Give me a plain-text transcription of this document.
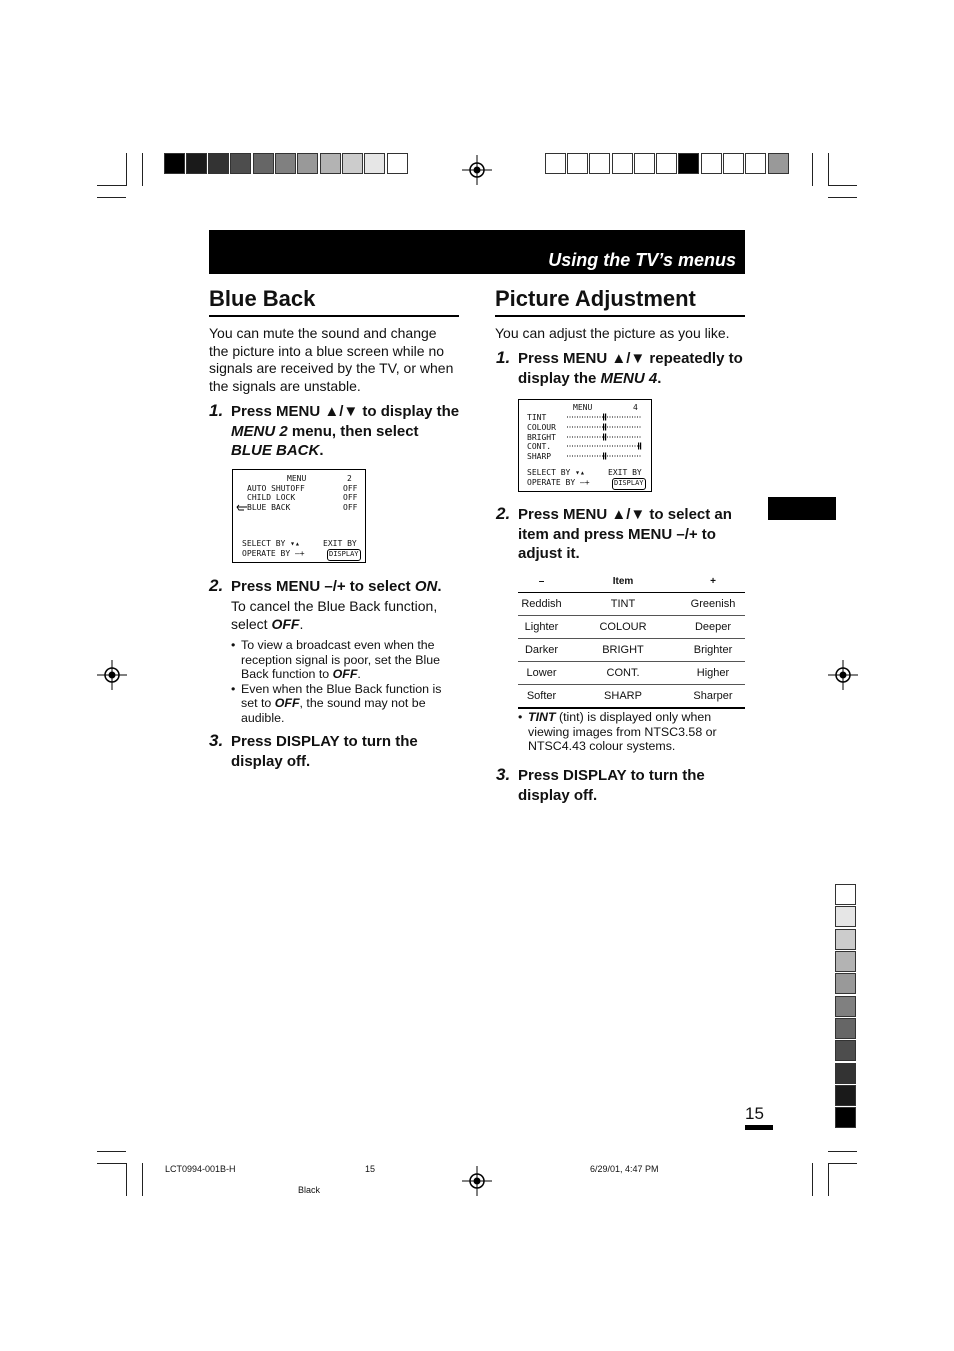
Using the TV’s menus
Blue Back
You can mute the sound and change the picture into a blue screen while no signals are received by the TV, or when the signals are unstable.
1. Press MENU ▲/▼ to display the MENU 2 menu, then select BLUE BACK.
MENU	2
AUTO SHUTOFF	OFF
CHILD LOCK	OFF
BLUE BACK	OFF
SELECT BY ▾▴	EXIT BY
OPERATE BY –+	DISPLAY
2. Press MENU –/+ to select ON.
To cancel the Blue Back function, select OFF.
• To view a broadcast even when the reception signal is poor, set the Blue Back function to OFF.
• Even when the Blue Back function is set to OFF, the sound may not be audible.
3. Press DISPLAY to turn the display off.
Picture Adjustment
You can adjust the picture as you like.
1. Press MENU ▲/▼ repeatedly to display the MENU 4.
MENU	4
TINT
COLOUR
BRIGHT
CONT.
SHARP
SELECT BY ▾▴	EXIT BY
OPERATE BY –+	DISPLAY
2. Press MENU ▲/▼ to select an item and press MENU –/+ to adjust it.
–	Item	+
Reddish	TINT	Greenish
Lighter	COLOUR	Deeper
Darker	BRIGHT	Brighter
Lower	CONT.	Higher
Softer	SHARP	Sharper
• TINT (tint) is displayed only when viewing images from NTSC3.58 or NTSC4.43 colour systems.
3. Press DISPLAY to turn the display off.
15
LCT0994-001B-H	15	6/29/01, 4:47 PM
Black
